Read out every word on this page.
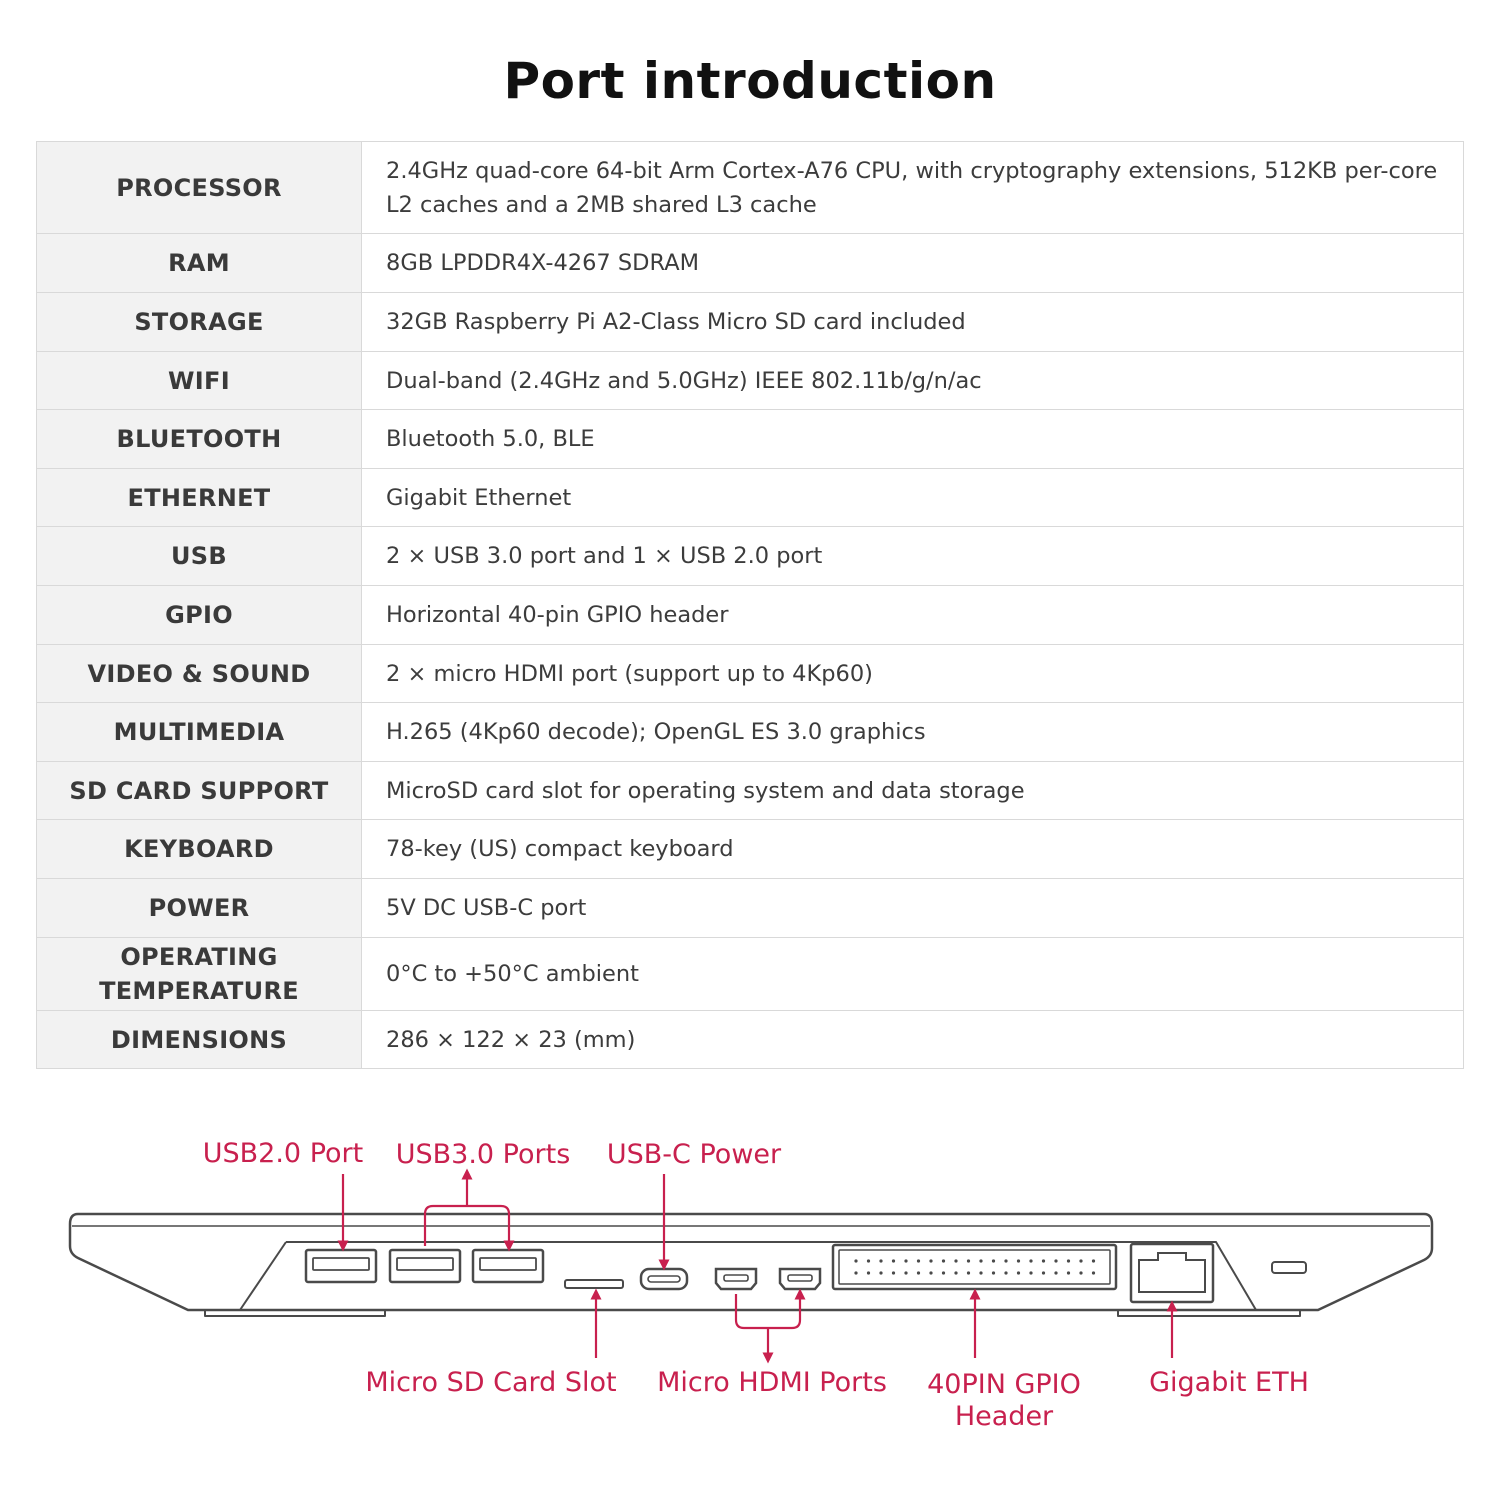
Port introduction
PROCESSOR	2.4GHz quad-core 64-bit Arm Cortex-A76 CPU, with cryptography extensions, 512KB per-core L2 caches and a 2MB shared L3 cache
RAM	8GB LPDDR4X-4267 SDRAM
STORAGE	32GB Raspberry Pi A2-Class Micro SD card included
WIFI	Dual-band (2.4GHz and 5.0GHz) IEEE 802.11b/g/n/ac
BLUETOOTH	Bluetooth 5.0, BLE
ETHERNET	Gigabit Ethernet
USB	2 × USB 3.0 port and 1 × USB 2.0 port
GPIO	Horizontal 40-pin GPIO header
VIDEO & SOUND	2 × micro HDMI port (support up to 4Kp60)
MULTIMEDIA	H.265 (4Kp60 decode); OpenGL ES 3.0 graphics
SD CARD SUPPORT	MicroSD card slot for operating system and data storage
KEYBOARD	78-key (US) compact keyboard
POWER	5V DC USB-C port
OPERATING TEMPERATURE	0°C to +50°C ambient
DIMENSIONS	286 × 122 × 23 (mm)
USB2.0 Port USB3.0 Ports USB-C Power
Micro SD Card Slot Micro HDMI Ports 40PIN GPIO
Header
Gigabit ETH
